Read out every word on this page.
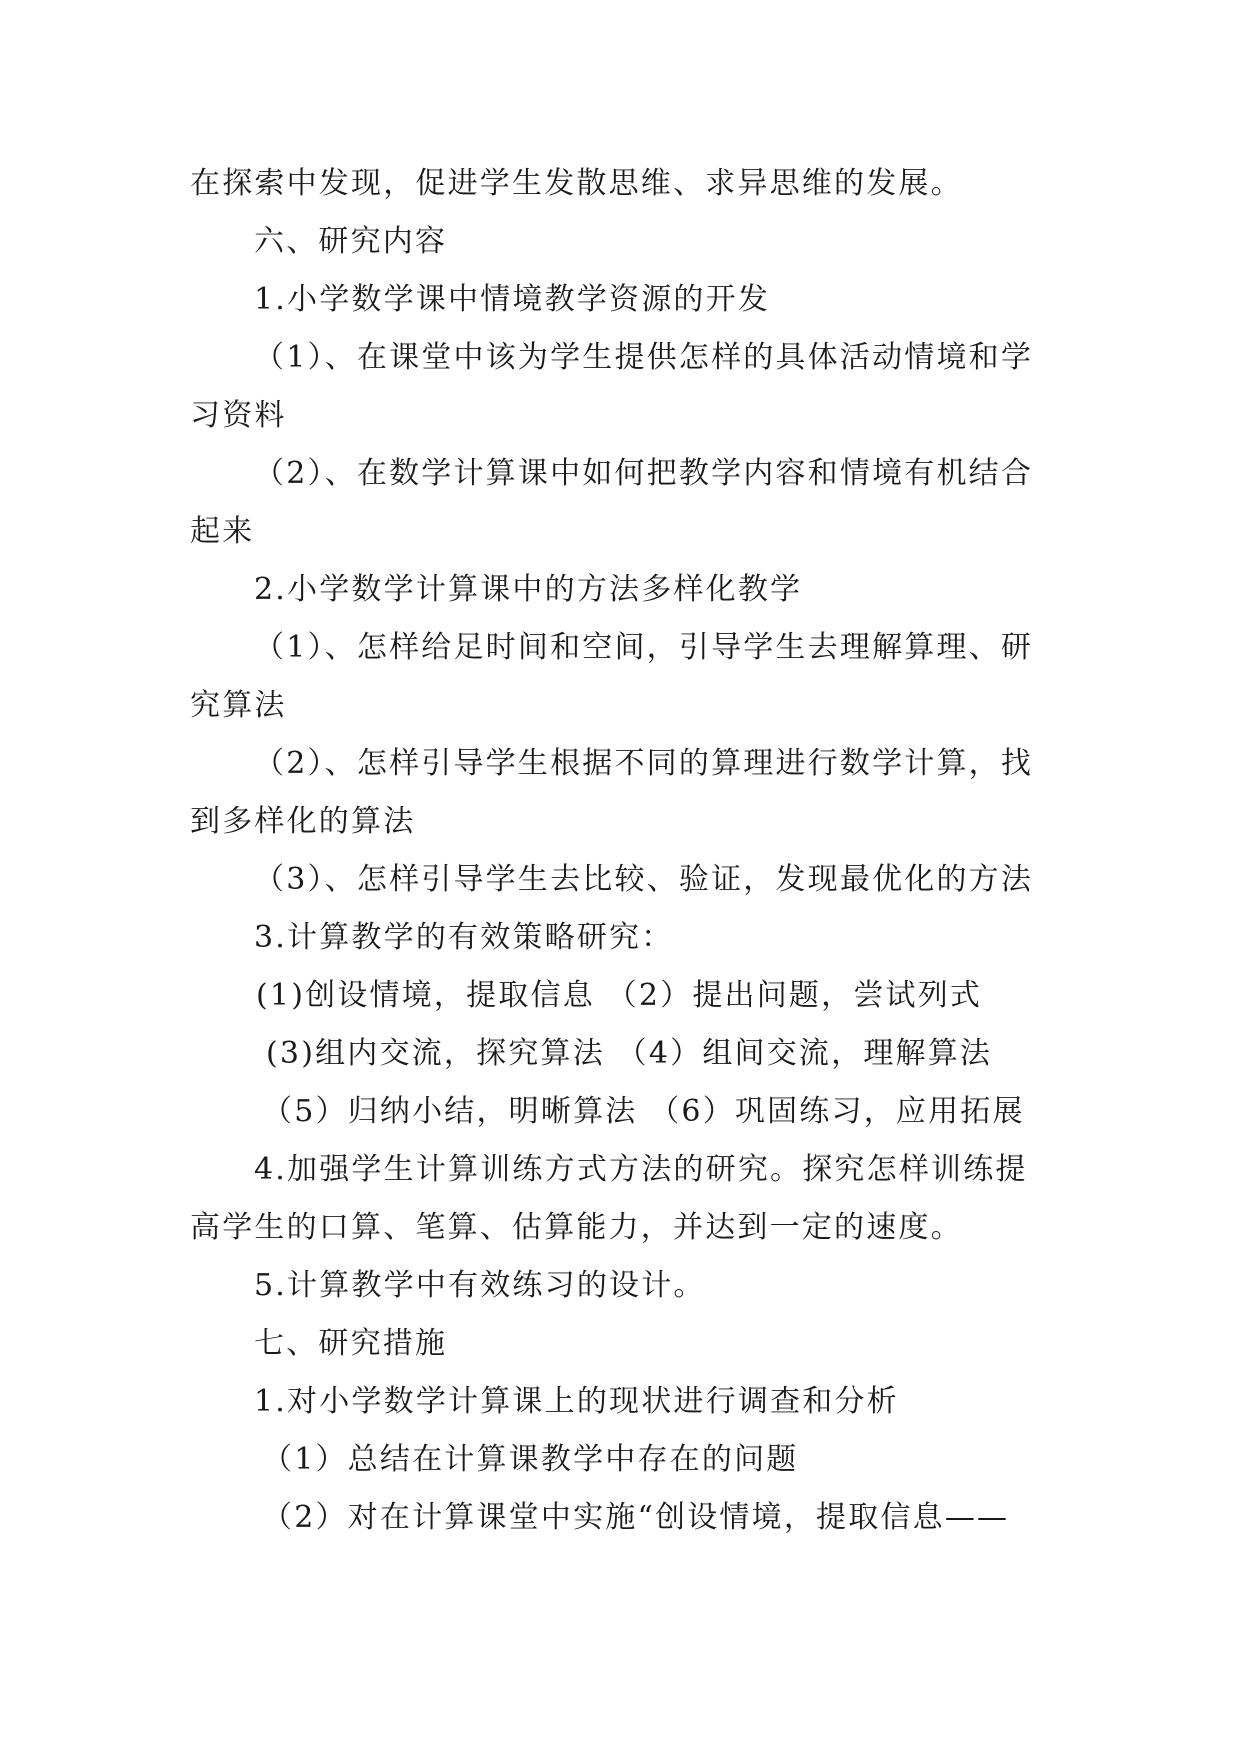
在探索中发现，促进学生发散思维、求异思维的发展。
六、研究内容
1.小学数学课中情境教学资源的开发
（1）、在课堂中该为学生提供怎样的具体活动情境和学
习资料
（2）、在数学计算课中如何把教学内容和情境有机结合
起来
2.小学数学计算课中的方法多样化教学
（1）、怎样给足时间和空间，引导学生去理解算理、研
究算法
（2）、怎样引导学生根据不同的算理进行数学计算，找
到多样化的算法
（3）、怎样引导学生去比较、验证，发现最优化的方法
3.计算教学的有效策略研究：
(1)创设情境，提取信息 （2）提出问题，尝试列式
(3)组内交流，探究算法 （4）组间交流，理解算法
（5）归纳小结，明晰算法 （6）巩固练习，应用拓展
4.加强学生计算训练方式方法的研究。探究怎样训练提
高学生的口算、笔算、估算能力，并达到一定的速度。
5.计算教学中有效练习的设计。
七、研究措施
1.对小学数学计算课上的现状进行调查和分析
（1）总结在计算课教学中存在的问题
（2）对在计算课堂中实施“创设情境，提取信息——
